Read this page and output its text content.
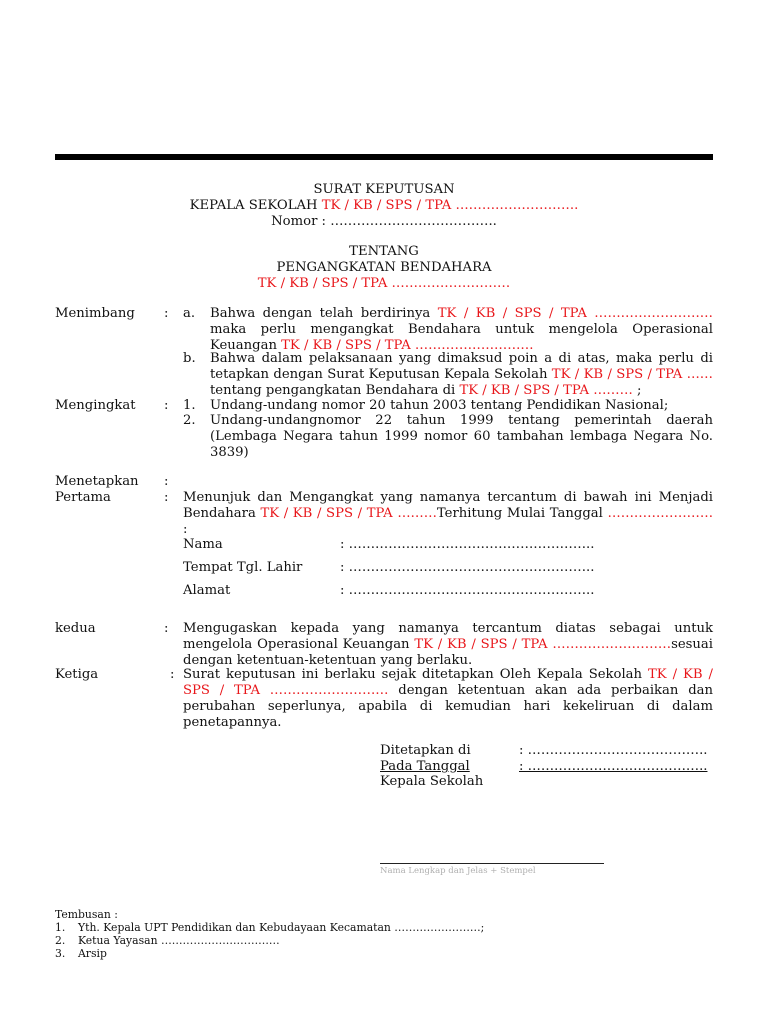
SURAT KEPUTUSAN
KEPALA SEKOLAH TK / KB / SPS / TPA ……………………….
Nomor : ………………………………..
TENTANG
PENGANGKATAN BENDAHARA
TK / KB / SPS / TPA ………………………
Menimbang : a. Bahwa dengan telah berdirinya TK / KB / SPS / TPA ………………………maka perlu mengangkat Bendahara untuk mengelola Operasional Keuangan TK / KB / SPS / TPA ………………………
b. Bahwa dalam pelaksanaan yang dimaksud poin a di atas, maka perlu di tetapkan dengan Surat Keputusan Kepala Sekolah TK / KB / SPS / TPA …… tentang pengangkatan Bendahara di TK / KB / SPS / TPA ……… ;
Mengingkat : 1. Undang-undang nomor 20 tahun 2003 tentang Pendidikan Nasional;
2. Undang-undangnomor 22 tahun 1999 tentang pemerintah daerah (Lembaga Negara tahun 1999 nomor 60 tambahan lembaga Negara No. 3839)
Menetapkan :
Pertama	: Menunjuk dan Mengangkat yang namanya tercantum di bawah ini Menjadi Bendahara TK / KB / SPS / TPA ………Terhitung Mulai Tanggal …………………… :
Nama	: ………………………………………………..
Tempat Tgl. Lahir	: ………………………………………………..
Alamat	: ………………………………………………..
kedua	: Mengugaskan kepada yang namanya tercantum diatas sebagai untuk mengelola Operasional Keuangan TK / KB / SPS / TPA ………………………sesuai dengan ketentuan-ketentuan yang berlaku.
Ketiga	: Surat keputusan ini berlaku sejak ditetapkan Oleh Kepala Sekolah TK / KB / SPS / TPA ……………………… dengan ketentuan akan ada perbaikan dan perubahan seperlunya, apabila di kemudian hari kekeliruan di dalam penetapannya.
Ditetapkan di	: …………………………………..
Pada Tanggal	: …………………………………..
Kepala Sekolah
Nama Lengkap dan Jelas + Stempel
Tembusan :
1. Yth. Kepala UPT Pendidikan dan Kebudayaan Kecamatan ……………………;
2. Ketua Yayasan ……………………………
3. Arsip
